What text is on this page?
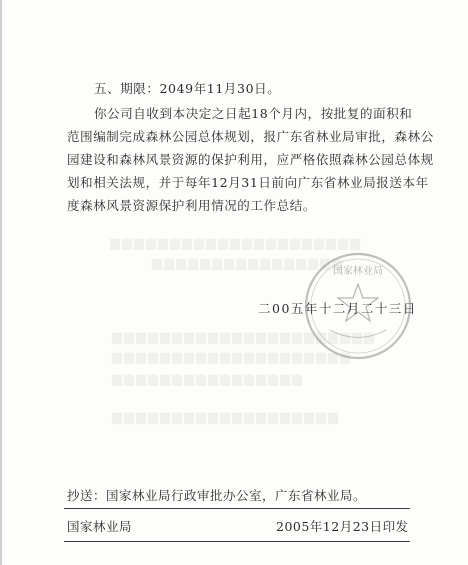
▆▆▆▆▆▆▆▆▆▆▆▆▆▆▆▆▆▆▆▆▆
▆▆▆▆▆▆▆▆▆▆▆▆▆▆▆▆
▆▆▆▆▆▆▆▆▆▆▆▆▆▆▆▆▆▆▆▆▆▆
▆▆▆▆▆▆▆▆▆▆▆▆▆▆▆▆▆▆▆▆
▆▆▆▆▆▆▆▆▆▆▆▆▆▆▆▆
▆▆▆▆▆▆▆▆▆▆▆▆▆▆▆▆▆▆▆
五、期限：2049年11月30日。
你公司自收到本决定之日起18个月内，按批复的面积和
范围编制完成森林公园总体规划，报广东省林业局审批，森林公
园建设和森林风景资源的保护利用，应严格依照森林公园总体规
划和相关法规，并于每年12月31日前向广东省林业局报送本年
度森林风景资源保护利用情况的工作总结。
国家林业局
二00五年十二月二十三日
抄送：国家林业局行政审批办公室，广东省林业局。
国家林业局	2005年12月23日印发
